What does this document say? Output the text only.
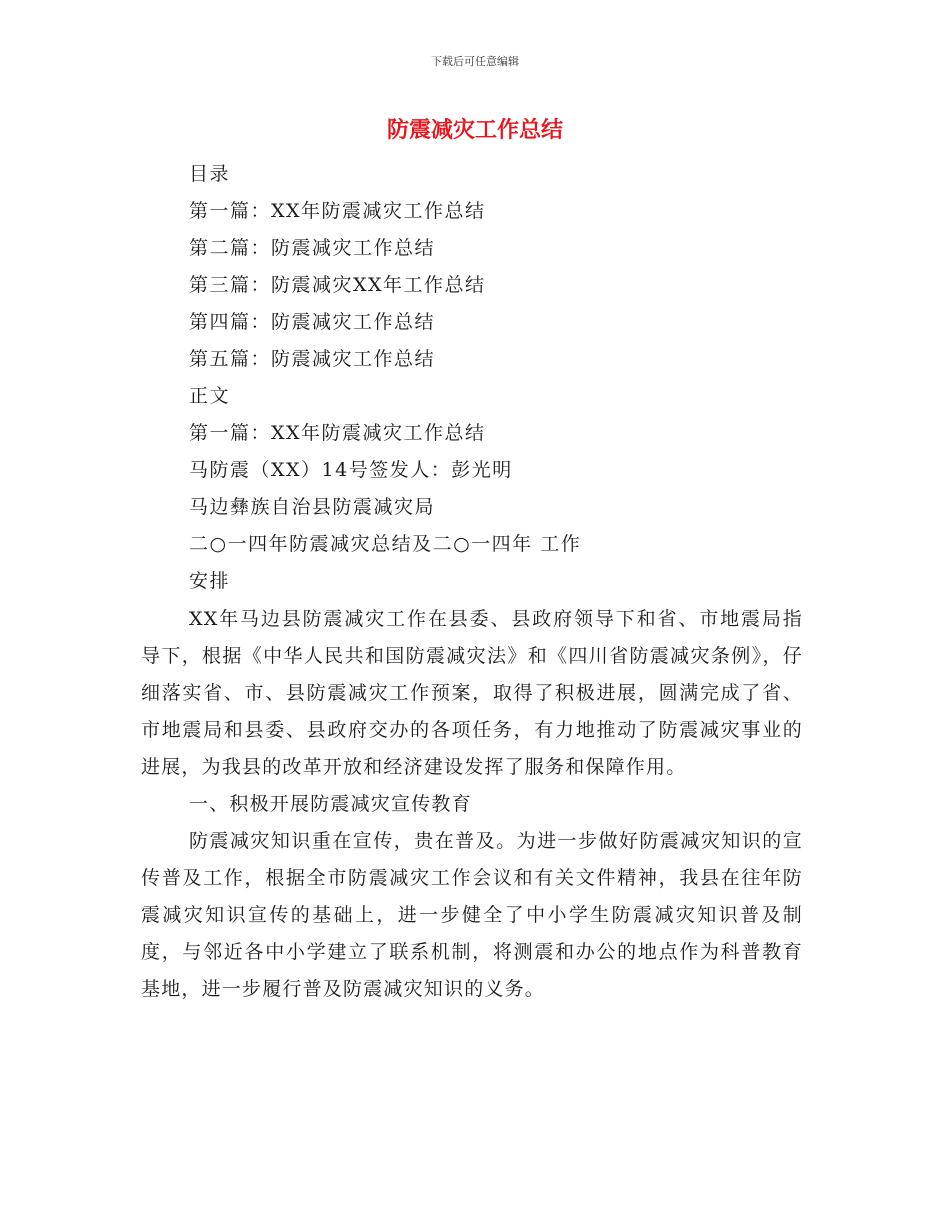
下载后可任意编辑
防震减灾工作总结
目录
第一篇：XX年防震减灾工作总结
第二篇：防震减灾工作总结
第三篇：防震减灾XX年工作总结
第四篇：防震减灾工作总结
第五篇：防震减灾工作总结
正文
第一篇：XX年防震减灾工作总结
马防震（XX）14号签发人：彭光明
马边彝族自治县防震减灾局
二○一四年防震减灾总结及二○一四年 工作
安排

XX年马边县防震减灾工作在县委、县政府领导下和省、市地震局指导下，根据《中华人民共和国防震减灾法》和《四川省防震减灾条例》，仔细落实省、市、县防震减灾工作预案，取得了积极进展，圆满完成了省、市地震局和县委、县政府交办的各项任务，有力地推动了防震减灾事业的进展，为我县的改革开放和经济建设发挥了服务和保障作用。

一、积极开展防震减灾宣传教育

防震减灾知识重在宣传，贵在普及。为进一步做好防震减灾知识的宣传普及工作，根据全市防震减灾工作会议和有关文件精神，我县在往年防震减灾知识宣传的基础上，进一步健全了中小学生防震减灾知识普及制度，与邻近各中小学建立了联系机制，将测震和办公的地点作为科普教育基地，进一步履行普及防震减灾知识的义务。
